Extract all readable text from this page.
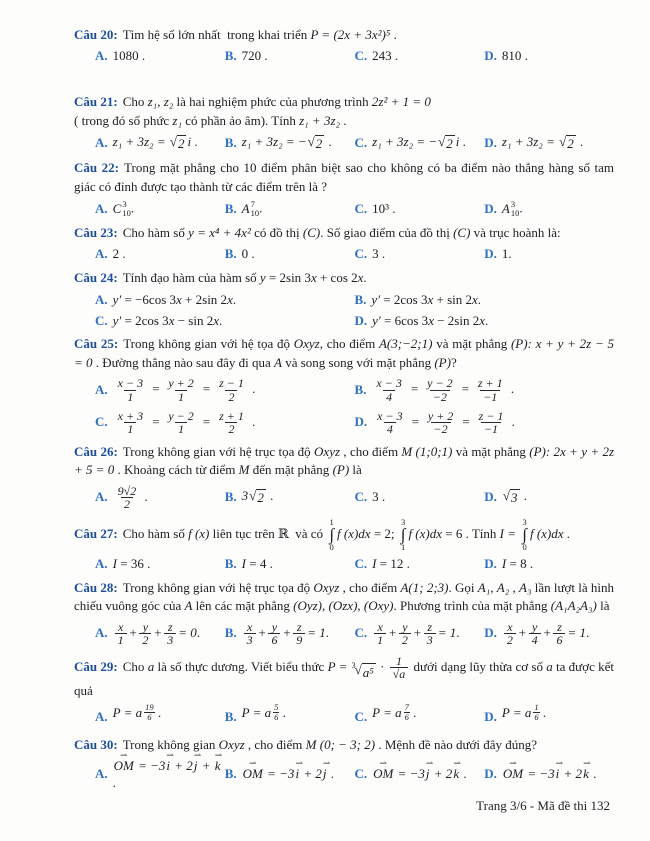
Câu 20: Tìm hệ số lớn nhất  trong khai triển P = (2x + 3x²)⁵ .
A. 1080 .	B. 720 .	C. 243 .	D. 810 .
Câu 21: Cho z₁, z₂ là hai nghiệm phức của phương trình 2z² + 1 = 0
( trong đó số phức z₁ có phần ảo âm). Tính z₁ + 3z₂ .
A. z₁ + 3z₂ = √ 2 i . B. z₁ + 3z₂ = − √ 2 . C. z₁ + 3z₂ = − √ 2 i . D. z₁ + 3z₂ = √ 2 .
Câu 22: Trong mặt phẳng cho 10 điểm phân biệt sao cho không có ba điểm nào thẳng hàng số tam giác có đỉnh được tạo thành từ các điểm trên là ?
A. C 3
10 .	B. A 7
10 .	C. 10³ .	D. A 3
10 .
Câu 23: Cho hàm số y = x⁴ + 4x² có đồ thị (C). Số giao điểm của đồ thị (C) và trục hoành là:
A. 2 .	B. 0 .	C. 3 .	D. 1.
Câu 24: Tính đạo hàm của hàm số y = 2sin 3x + cos 2x.
A. y′ = −6cos 3x + 2sin 2x.	B. y′ = 2cos 3x + sin 2x.
C. y′ = 2cos 3x − sin 2x.	D. y′ = 6cos 3x − 2sin 2x.
Câu 25: Trong không gian với hệ tọa độ Oxyz, cho điểm A(3;−2;1) và mặt phẳng (P): x + y + 2z − 5 = 0 . Đường thẳng nào sau đây đi qua A và song song với mặt phẳng (P)?
A. $\frac{x - 3}{1} = \frac{y + 2}{1} = \frac{z - 1}{2}$ .	B. $\frac{x - 3}{4} = \frac{y - 2}{-2} = \frac{z + 1}{-1}$ .
C. $\frac{x + 3}{1} = \frac{y - 2}{1} = \frac{z + 1}{2}$ .	D. $\frac{x - 3}{4} = \frac{y + 2}{-2} = \frac{z - 1}{-1}$ .
Câu 26: Trong không gian với hệ trục tọa độ Oxyz , cho điểm M (1;0;1) và mặt phẳng (P): 2x + y + 2z + 5 = 0 . Khoảng cách từ điểm M đến mặt phẳng (P) là
A. $\frac{9√2}{2}$ .	B. 3 √ 2 .	C. 3 .	D. √ 3 .
Câu 27: Cho hàm số f (x) liên tục trên ℝ  và có
1
∫
0
f (x)dx = 2;
3
∫
1
f (x)dx = 6 . Tính I =
3
∫
0
f (x)dx .
A. I = 36 .	B. I = 4 .	C. I = 12 .	D. I = 8 .
Câu 28: Trong không gian với hệ trục tọa độ Oxyz , cho điểm A(1; 2;3). Gọi A₁, A₂ , A₃ lần lượt là hình chiếu vuông góc của A lên các mặt phẳng (Oyz), (Ozx), (Oxy). Phương trình của mặt phẳng (A₁A₂A₃) là
A. $\frac{x}{1} + \frac{y}{2} + \frac{z}{3} = 0$. B. $\frac{x}{3} + \frac{y}{6} + \frac{z}{9} = 1$. C. $\frac{x}{1} + \frac{y}{2} + \frac{z}{3} = 1$. D. $\frac{x}{2} + \frac{y}{4} + \frac{z}{6} = 1$.
Câu 29: Cho a là số thực dương. Viết biểu thức P = 3 √ $a^5 \cdot \frac{1}{√a}$ dưới dạng lũy thừa cơ số a ta được kết quả
A. P = a $\frac{19}{6}$ .	B. P = a $\frac{5}{6}$ .	C. P = a $\frac{7}{6}$ .	D. P = a $\frac{1}{6}$ .
Câu 30: Trong không gian Oxyz , cho điểm M (0; − 3; 2) . Mệnh đề nào dưới đây đúng?
A.
OM ⇀ = −3i ⇀ + 2j ⇀ + k ⇀ .
B. OM ⇀ = −3i ⇀ + 2j ⇀ . C. OM ⇀ = −3j ⇀ + 2k ⇀ . D. OM ⇀ = −3i ⇀ + 2k ⇀ .
Trang 3/6 - Mã đề thi 132
